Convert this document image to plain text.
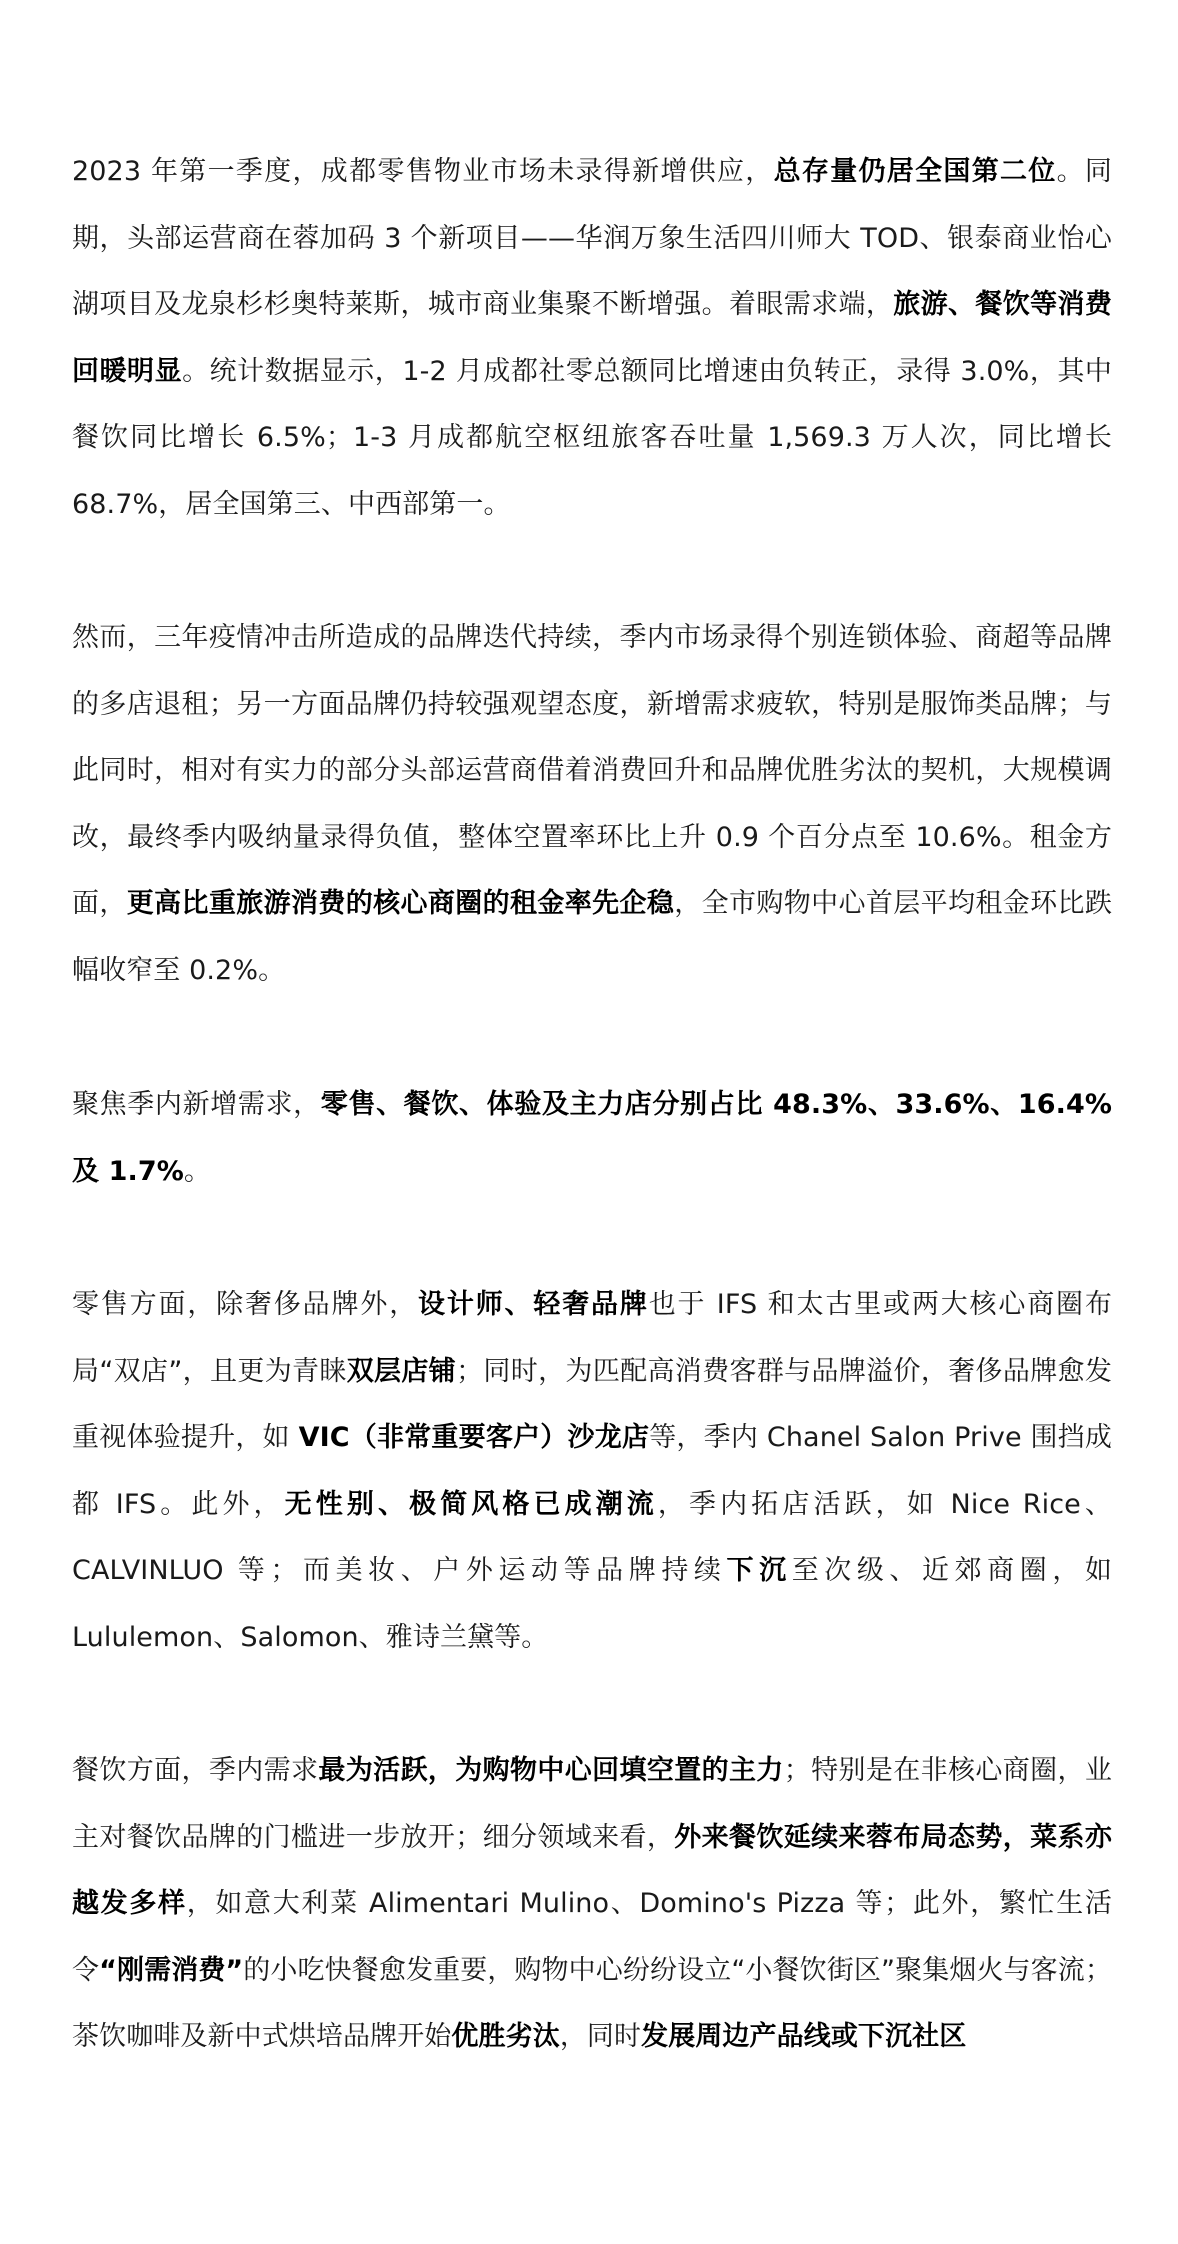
2023 年第一季度，成都零售物业市场未录得新增供应，总存量仍居全国第二位。同期，头部运营商在蓉加码 3 个新项目——华润万象生活四川师大 TOD、银泰商业怡心湖项目及龙泉杉杉奥特莱斯，城市商业集聚不断增强。着眼需求端，旅游、餐饮等消费回暖明显。统计数据显示，1-2 月成都社零总额同比增速由负转正，录得 3.0%，其中餐饮同比增长 6.5%；1-3 月成都航空枢纽旅客吞吐量 1,569.3 万人次，同比增长 68.7%，居全国第三、中西部第一。

然而，三年疫情冲击所造成的品牌迭代持续，季内市场录得个别连锁体验、商超等品牌的多店退租；另一方面品牌仍持较强观望态度，新增需求疲软，特别是服饰类品牌；与此同时，相对有实力的部分头部运营商借着消费回升和品牌优胜劣汰的契机，大规模调改，最终季内吸纳量录得负值，整体空置率环比上升 0.9 个百分点至 10.6%。租金方面，更高比重旅游消费的核心商圈的租金率先企稳，全市购物中心首层平均租金环比跌幅收窄至 0.2%。

聚焦季内新增需求，零售、餐饮、体验及主力店分别占比 48.3%、33.6%、16.4%及 1.7%。

零售方面，除奢侈品牌外，设计师、轻奢品牌也于 IFS 和太古里或两大核心商圈布局“双店”，且更为青睐双层店铺；同时，为匹配高消费客群与品牌溢价，奢侈品牌愈发重视体验提升，如 VIC（非常重要客户）沙龙店等，季内 Chanel Salon Prive 围挡成都 IFS。此外，无性别、极简风格已成潮流，季内拓店活跃，如 Nice Rice、CALVINLUO 等；而美妆、户外运动等品牌持续下沉至次级、近郊商圈，如 Lululemon、Salomon、雅诗兰黛等。

餐饮方面，季内需求最为活跃，为购物中心回填空置的主力；特别是在非核心商圈，业主对餐饮品牌的门槛进一步放开；细分领域来看，外来餐饮延续来蓉布局态势，菜系亦越发多样，如意大利菜 Alimentari Mulino、Domino's Pizza 等；此外，繁忙生活令“刚需消费”的小吃快餐愈发重要，购物中心纷纷设立“小餐饮街区”聚集烟火与客流；茶饮咖啡及新中式烘培品牌开始优胜劣汰，同时发展周边产品线或下沉社区
